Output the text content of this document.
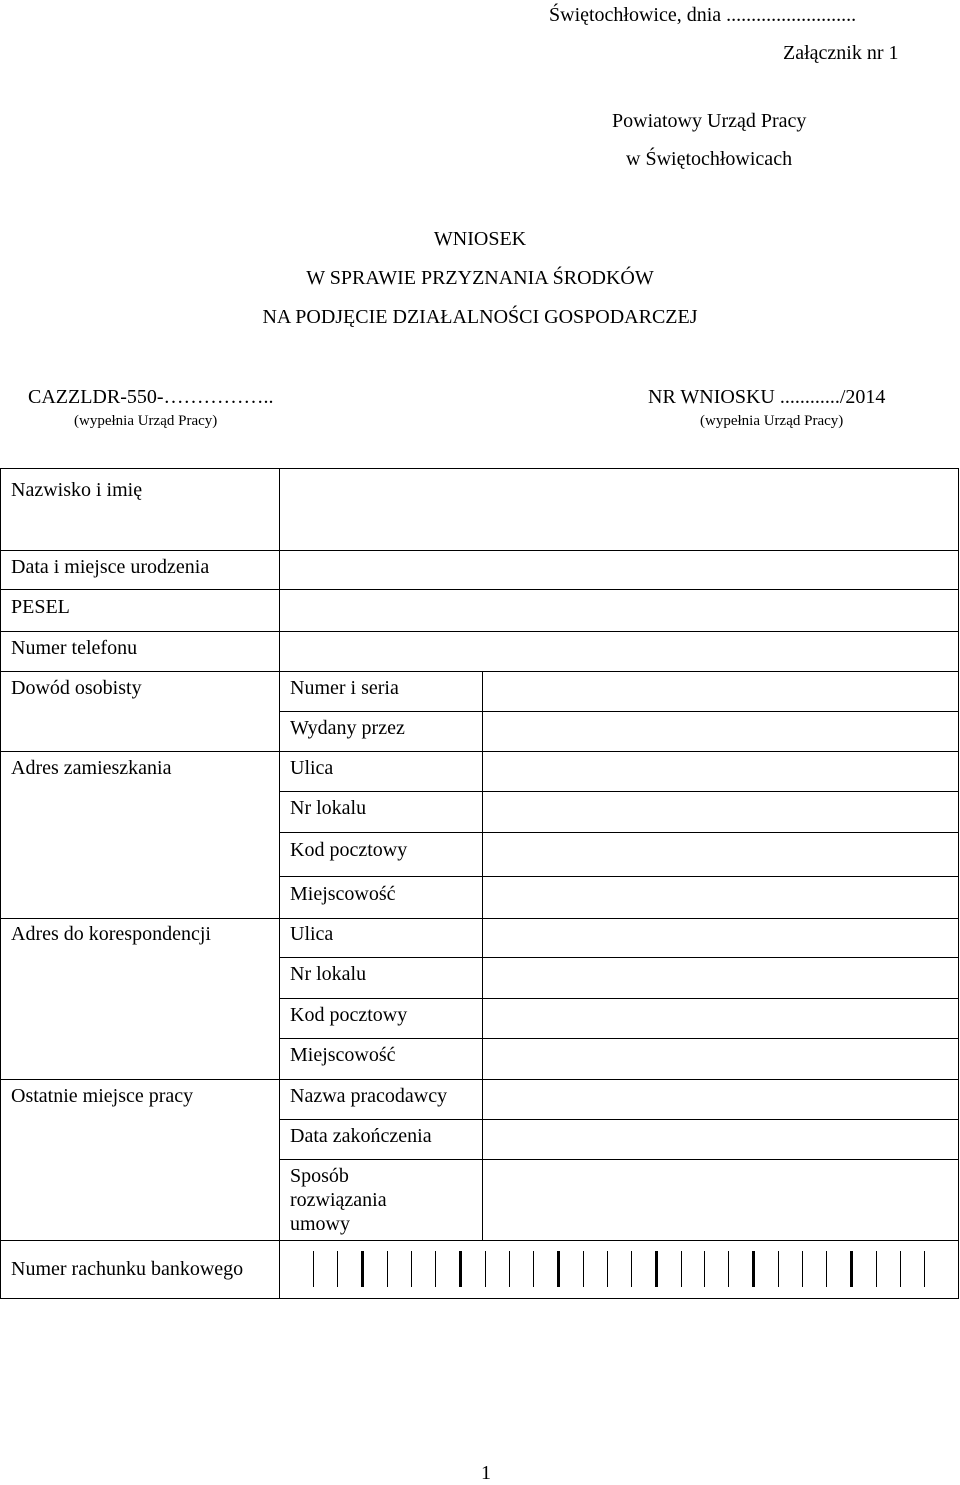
Świętochłowice, dnia ..........................
Załącznik nr 1
Powiatowy Urząd Pracy
w Świętochłowicach
WNIOSEK
W SPRAWIE PRZYZNANIA ŚRODKÓW
NA PODJĘCIE DZIAŁALNOŚCI GOSPODARCZEJ
CAZZLDR-550-……………..
(wypełnia Urząd Pracy)
NR WNIOSKU ............/2014
(wypełnia Urząd Pracy)
Nazwisko i imię		
Data i miejsce urodzenia		
PESEL		
Numer telefonu		
Dowód osobisty	Numer i seria	
	Wydany przez	
Adres zamieszkania	Ulica	
	Nr lokalu	
	Kod pocztowy	
	Miejscowość	
Adres do korespondencji	Ulica	
	Nr lokalu	
	Kod pocztowy	
	Miejscowość	
Ostatnie miejsce pracy	Nazwa pracodawcy	
	Data zakończenia	
	Sposób rozwiązania umowy	
Numer rachunku bankowego		
1
